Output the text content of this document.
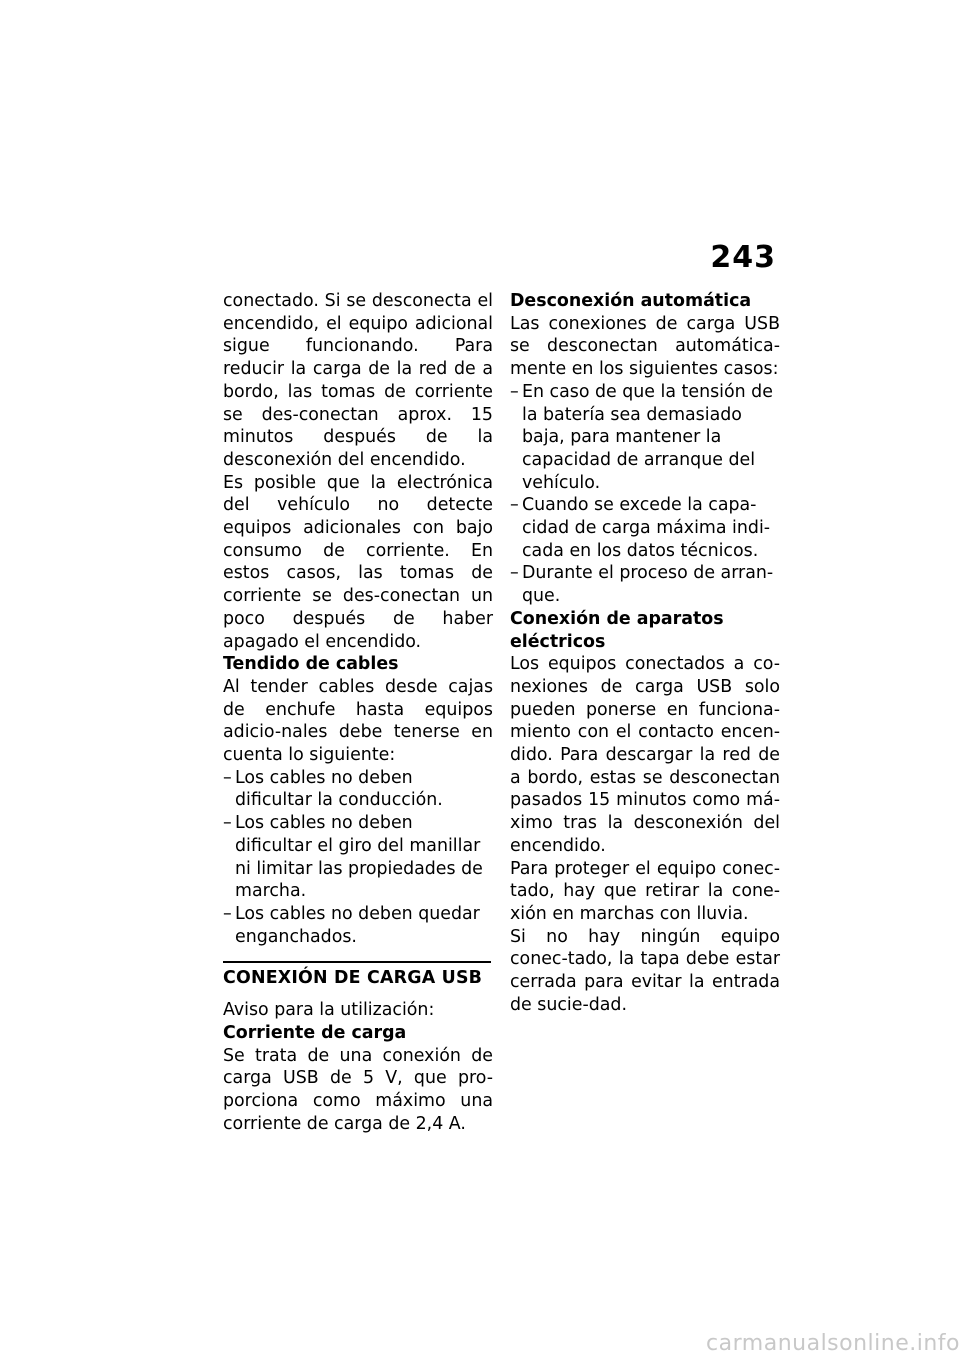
243

conectado. Si se desconecta el encendido, el equipo adicional sigue funcionando. Para reducir la carga de la red de a bordo, las tomas de corriente se des-conectan aprox. 15 minutos después de la desconexión del encendido.

Es posible que la electrónica del vehículo no detecte equipos adicionales con bajo consumo de corriente. En estos casos, las tomas de corriente se des-conectan un poco después de haber apagado el encendido.

Tendido de cables

Al tender cables desde cajas de enchufe hasta equipos adicio-nales debe tenerse en cuenta lo siguiente:

– Los cables no deben dificultar la conducción.
– Los cables no deben dificultar el giro del manillar ni limitar las propiedades de marcha.
– Los cables no deben quedar enganchados.

CONEXIÓN DE CARGA USB

Aviso para la utilización:

Corriente de carga

Se trata de una conexión de carga USB de 5 V, que pro-porciona como máximo una corriente de carga de 2,4 A.

Desconexión automática

Las conexiones de carga USB se desconectan automática-mente en los siguientes casos:

– En caso de que la tensión de la batería sea demasiado baja, para mantener la capacidad de arranque del vehículo.
– Cuando se excede la capa-cidad de carga máxima indi-cada en los datos técnicos.
– Durante el proceso de arran-que.

Conexión de aparatos eléctricos

Los equipos conectados a co-nexiones de carga USB solo pueden ponerse en funciona-miento con el contacto encen-dido. Para descargar la red de a bordo, estas se desconectan pasados 15 minutos como má-ximo tras la desconexión del encendido.

Para proteger el equipo conec-tado, hay que retirar la cone-xión en marchas con lluvia.

Si no hay ningún equipo conec-tado, la tapa debe estar cerrada para evitar la entrada de sucie-dad.

carmanualsonline.info
